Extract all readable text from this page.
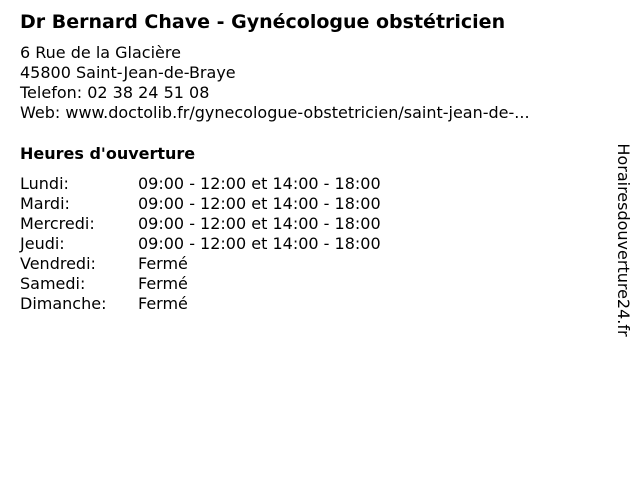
Dr Bernard Chave - Gynécologue obstétricien
6 Rue de la Glacière
45800 Saint-Jean-de-Braye
Telefon: 02 38 24 51 08
Web: www.doctolib.fr/gynecologue-obstetricien/saint-jean-de-...
Heures d'ouverture
Lundi:	09:00 - 12:00 et 14:00 - 18:00
Mardi:	09:00 - 12:00 et 14:00 - 18:00
Mercredi:	09:00 - 12:00 et 14:00 - 18:00
Jeudi:	09:00 - 12:00 et 14:00 - 18:00
Vendredi:	Fermé
Samedi:	Fermé
Dimanche:	Fermé	Horairesdouverture24.fr
